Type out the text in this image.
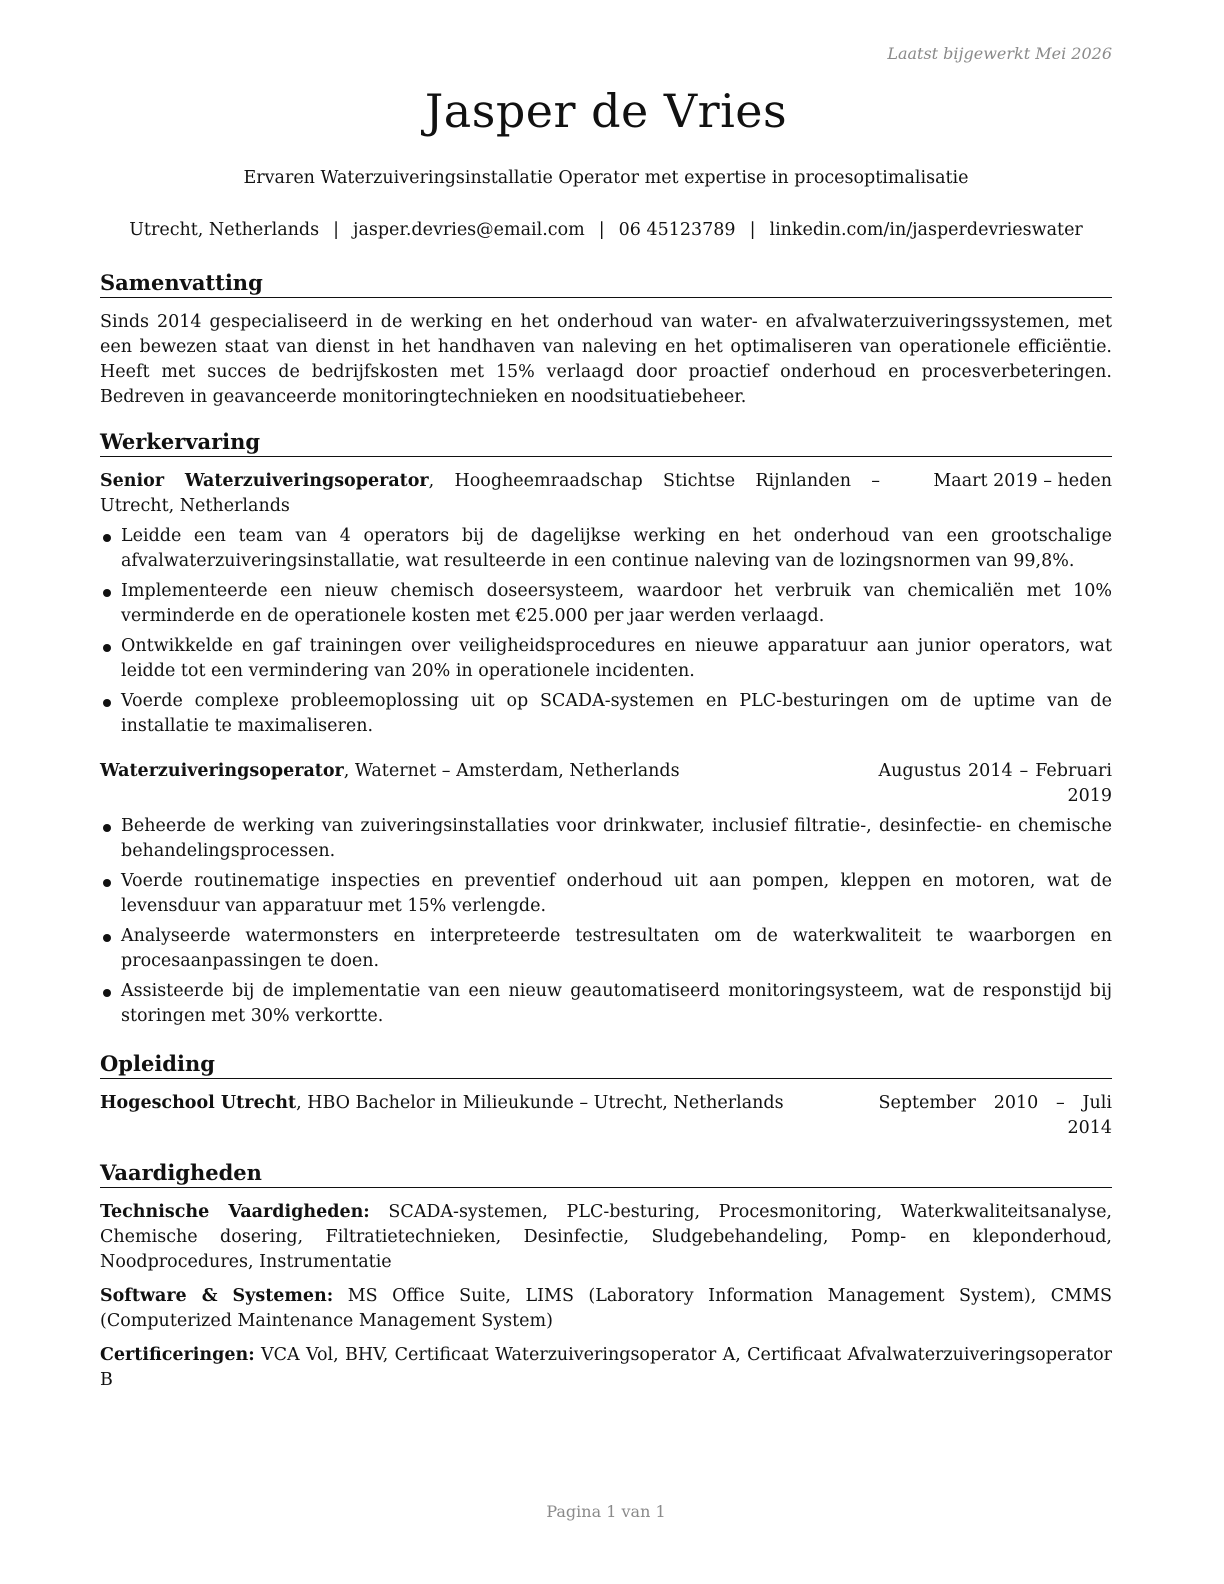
Laatst bijgewerkt Mei 2026
Jasper de Vries
Ervaren Waterzuiveringsinstallatie Operator met expertise in procesoptimalisatie
Utrecht, Netherlands | jasper.devries@email.com | 06 45123789 | linkedin.com/in/jasperdevrieswater
Samenvatting
Sinds 2014 gespecialiseerd in de werking en het onderhoud van water- en afvalwaterzuiveringssystemen, met een bewezen staat van dienst in het handhaven van naleving en het optimaliseren van operationele efficiëntie. Heeft met succes de bedrijfskosten met 15% verlaagd door proactief onderhoud en procesverbeteringen. Bedreven in geavanceerde monitoringtechnieken en noodsituatiebeheer.
Werkervaring
Senior Waterzuiveringsoperator, Hoogheemraadschap Stichtse Rijnlanden – Utrecht, Netherlands
Maart 2019 – heden
Leidde een team van 4 operators bij de dagelijkse werking en het onderhoud van een grootschalige afvalwaterzuiveringsinstallatie, wat resulteerde in een continue naleving van de lozingsnormen van 99,8%.
Implementeerde een nieuw chemisch doseersysteem, waardoor het verbruik van chemicaliën met 10% verminderde en de operationele kosten met €25.000 per jaar werden verlaagd.
Ontwikkelde en gaf trainingen over veiligheidsprocedures en nieuwe apparatuur aan junior operators, wat leidde tot een vermindering van 20% in operationele incidenten.
Voerde complexe probleemoplossing uit op SCADA-systemen en PLC-besturingen om de uptime van de installatie te maximaliseren.
Waterzuiveringsoperator, Waternet – Amsterdam, Netherlands	Augustus 2014 – Februari 2019
Beheerde de werking van zuiveringsinstallaties voor drinkwater, inclusief filtratie-, desinfectie- en chemische behandelingsprocessen.
Voerde routinematige inspecties en preventief onderhoud uit aan pompen, kleppen en motoren, wat de levensduur van apparatuur met 15% verlengde.
Analyseerde watermonsters en interpreteerde testresultaten om de waterkwaliteit te waarborgen en procesaanpassingen te doen.
Assisteerde bij de implementatie van een nieuw geautomatiseerd monitoringsysteem, wat de responstijd bij storingen met 30% verkortte.
Opleiding
Hogeschool Utrecht, HBO Bachelor in Milieukunde – Utrecht, Netherlands	September 2010 – Juli 2014
Vaardigheden
Technische Vaardigheden: SCADA-systemen, PLC-besturing, Procesmonitoring, Waterkwaliteitsanalyse, Chemische dosering, Filtratietechnieken, Desinfectie, Sludgebehandeling, Pomp- en kleponderhoud, Noodprocedures, Instrumentatie
Software & Systemen: MS Office Suite, LIMS (Laboratory Information Management System), CMMS (Computerized Maintenance Management System)
Certificeringen: VCA Vol, BHV, Certificaat Waterzuiveringsoperator A, Certificaat Afvalwaterzuiveringsoperator B
Pagina 1 van 1
